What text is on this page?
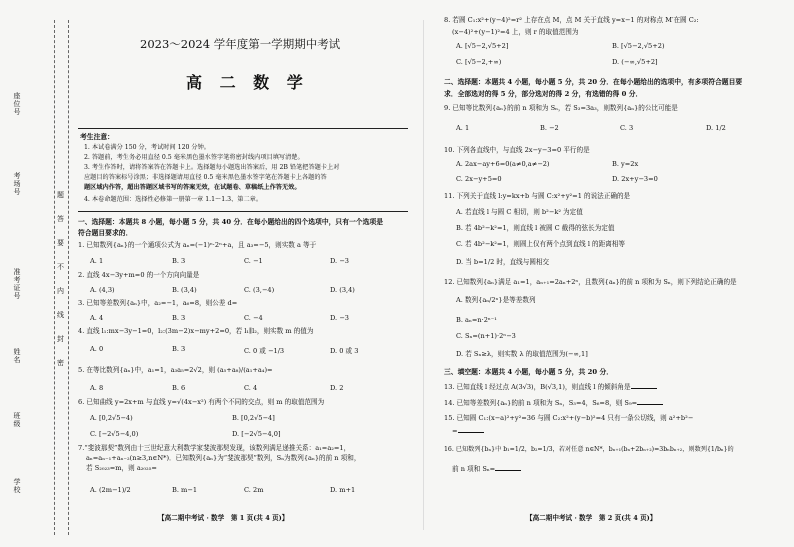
座位号
考场号
准考证号
姓名
班级
学校
题
答
要
不
内
线
封
密
2023～2024 学年度第一学期期中考试
高 二 数 学
考生注意：
1. 本试卷满分 150 分，考试时间 120 分钟。
2. 答题前，考生务必用直径 0.5 毫米黑色墨水签字笔将密封线内项目填写清楚。
3. 考生作答时，请将答案答在答题卡上。选择题每小题选出答案后，用 2B 铅笔把答题卡上对
应题目的答案标号涂黑；非选择题请用直径 0.5 毫米黑色墨水签字笔在答题卡上各题的答
题区域内作答，超出答题区域书写的答案无效，在试题卷、草稿纸上作答无效。
4. 本卷命题范围：选择性必修第一册第一章 1.1～1.3、第二章。
一、选择题：本题共 8 小题，每小题 5 分，共 40 分．在每小题给出的四个选项中，只有一个选项是
符合题目要求的．
1. 已知数列{aₙ}的一个通项公式为 aₙ=(−1)ⁿ·2ⁿ+a，且 a₃=−5，则实数 a 等于
A. 1	B. 3	C. −1	D. −3
2. 直线 4x−3y+m=0 的一个方向向量是
A. (4,3)	B. (3,4)	C. (3,−4)	D. (3,4)
3. 已知等差数列{aₙ}中，a₂=−1，a₆=8，则公差 d=
A. 4	B. 3	C. −4	D. −3
4. 直线 l₁:mx−3y−1=0，l₂:(3m−2)x−my+2=0，若 l₁∥l₂，则实数 m 的值为
A. 0	B. 3	C. 0 或 −1/3	D. 0 或 3
5. 在等比数列{aₙ}中，a₁=1，a₃a₅=2√2，则 (a₅+a₈)/(a₁+a₄)=
A. 8	B. 6	C. 4	D. 2
6. 已知曲线 y=2x+m 与直线 y=√(4x−x²) 有两个不同的交点，则 m 的取值范围为
A. [0,2√5−4)	B. [0,2√5−4]
C. [−2√5−4,0)	D. [−2√5−4,0]
7.“斐波那契”数列由十三世纪意大利数学家斐波那契发现，该数列满足递推关系：a₁=a₂=1，
aₙ=aₙ₋₁+aₙ₋₂(n≥3,n∈N*)．已知数列{aₙ}为“斐波那契”数列，Sₙ为数列{aₙ}的前 n 项和，
若 S₂₀₂₃=m，则 a₂₀₂₅=
A. (2m−1)/2	B. m−1	C. 2m	D. m+1
【高二期中考试 · 数学　第 1 页(共 4 页)】
8. 若圆 C₁:x²+(y−4)²=r² 上存在点 M，点 M 关于直线 y=x−1 的对称点 M′在圆 C₂:
(x−4)²+(y−1)²=4 上，则 r 的取值范围为
A. [√5−2,√5+2]	B. [√5−2,√5+2)
C. [√5−2,+∞)	D. (−∞,√5+2]
二、选择题：本题共 4 小题，每小题 5 分，共 20 分．在每小题给出的选项中，有多项符合题目要
求．全部选对的得 5 分，部分选对的得 2 分，有选错的得 0 分．
9. 已知等比数列{aₙ}的前 n 项和为 Sₙ，若 S₃=3a₃，则数列{aₙ}的公比可能是
A. 1	B. −2	C. 3	D. 1/2
10. 下列各直线中，与直线 2x−y−3=0 平行的是
A. 2ax−ay+6=0(a≠0,a≠−2)	B. y=2x
C. 2x−y+5=0	D. 2x+y−3=0
11. 下列关于直线 l:y=kx+b 与圆 C:x²+y²=1 的说法正确的是
A. 若直线 l 与圆 C 相切，则 b²−k² 为定值
B. 若 4b²−k²=1，则直线 l 被圆 C 截得的弦长为定值
C. 若 4b²−k²=1，则圆上仅有两个点到直线 l 的距离相等
D. 当 b=1/2 时，直线与圆相交
12. 已知数列{aₙ}满足 a₁=1，aₙ₊₁=2aₙ+2ⁿ，且数列{aₙ}的前 n 项和为 Sₙ，则下列结论正确的是
A. 数列{aₙ/2ⁿ}是等差数列
B. aₙ=n·2ⁿ⁻¹
C. Sₙ=(n+1)·2ⁿ−3
D. 若 Sₙ≥λ，则实数 λ 的取值范围为(−∞,1]
三、填空题：本题共 4 小题，每小题 5 分，共 20 分．
13. 已知直线 l 经过点 A(3√3)，B(√3,1)，则直线 l 的倾斜角是
14. 已知等差数列{aₙ}的前 n 项和为 Sₙ，S₃=4，S₆=8，则 S₉=
15. 已知圆 C₁:(x−a)²+y²=36 与圆 C₂:x²+(y−b)²=4 只有一条公切线，则 a²+b²−
=
16. 已知数列{bₙ}中 b₁=1/2，b₂=1/3，若对任意 n∈N*，bₙ₊₁(bₙ+2bₙ₊₂)=3bₙbₙ₊₂，则数列{1/bₙ}的
前 n 项和 Sₙ=
【高二期中考试 · 数学　第 2 页(共 4 页)】
